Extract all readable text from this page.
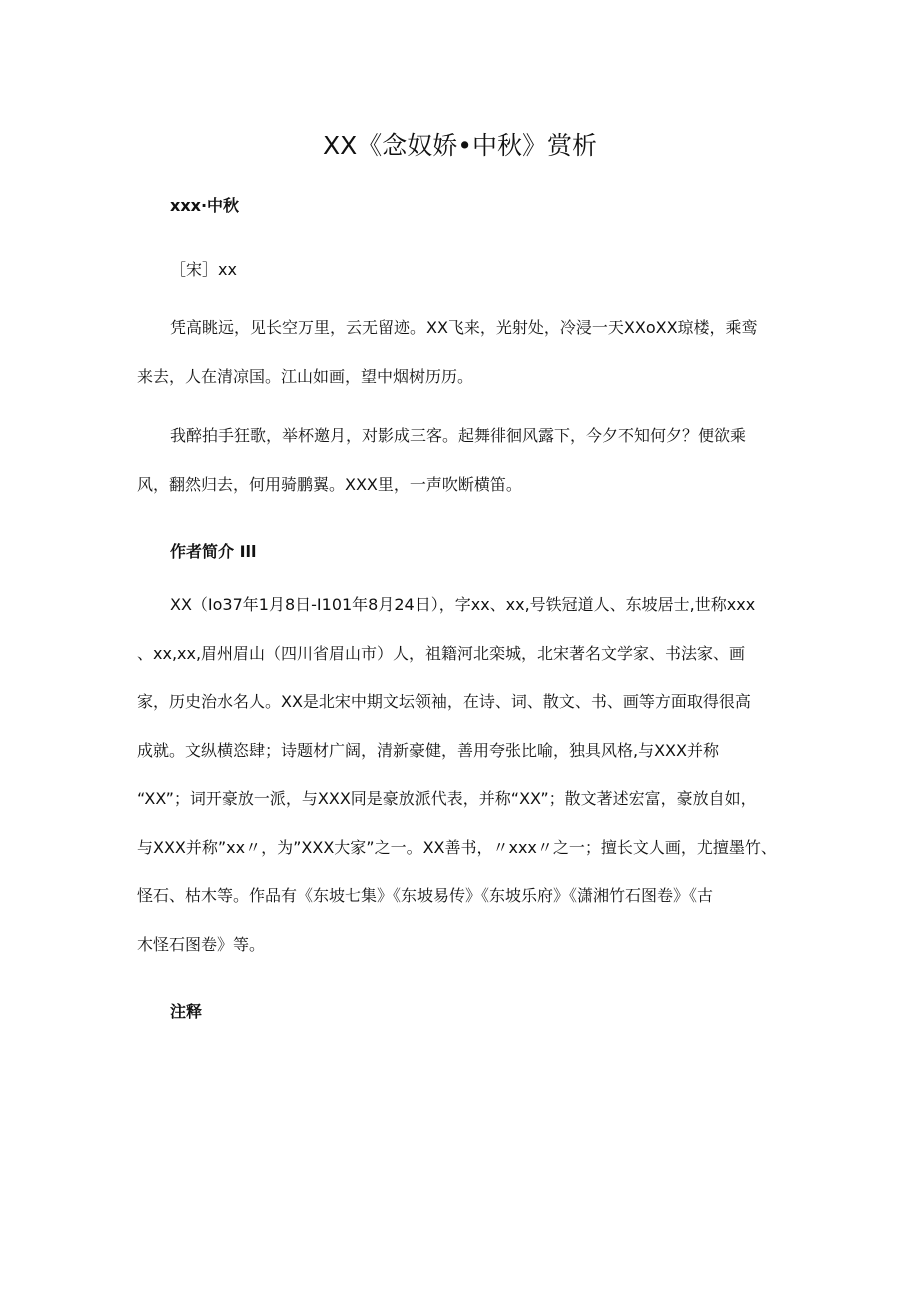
XX《念奴娇•中秋》赏析
xxx·中秋

［宋］xx

凭高眺远，见长空万里，云无留迹。XX飞来，光射处，冷浸一天XXoXX琼楼，乘鸾
来去，人在清凉国。江山如画，望中烟树历历。

我醉拍手狂歌，举杯邀月，对影成三客。起舞徘徊风露下，今夕不知何夕？便欲乘
风，翻然归去，何用骑鹏翼。XXX里，一声吹断横笛。

作者简介 Ill

XX（Io37年1月8日-I101年8月24日），字xx、xx,号铁冠道人、东坡居士,世称xxx
、xx,xx,眉州眉山（四川省眉山市）人，祖籍河北栾城，北宋著名文学家、书法家、画
家，历史治水名人。XX是北宋中期文坛领袖，在诗、词、散文、书、画等方面取得很高
成就。文纵横恣肆；诗题材广阔，清新豪健，善用夸张比喻，独具风格,与XXX并称
“XX”；词开豪放一派，与XXX同是豪放派代表，并称“XX”；散文著述宏富，豪放自如，
与XXX并称”xx〃，为”XXX大家”之一。XX善书，〃xxx〃之一；擅长文人画，尤擅墨竹、
怪石、枯木等。作品有《东坡七集》《东坡易传》《东坡乐府》《潇湘竹石图卷》《古
木怪石图卷》等。

注释
